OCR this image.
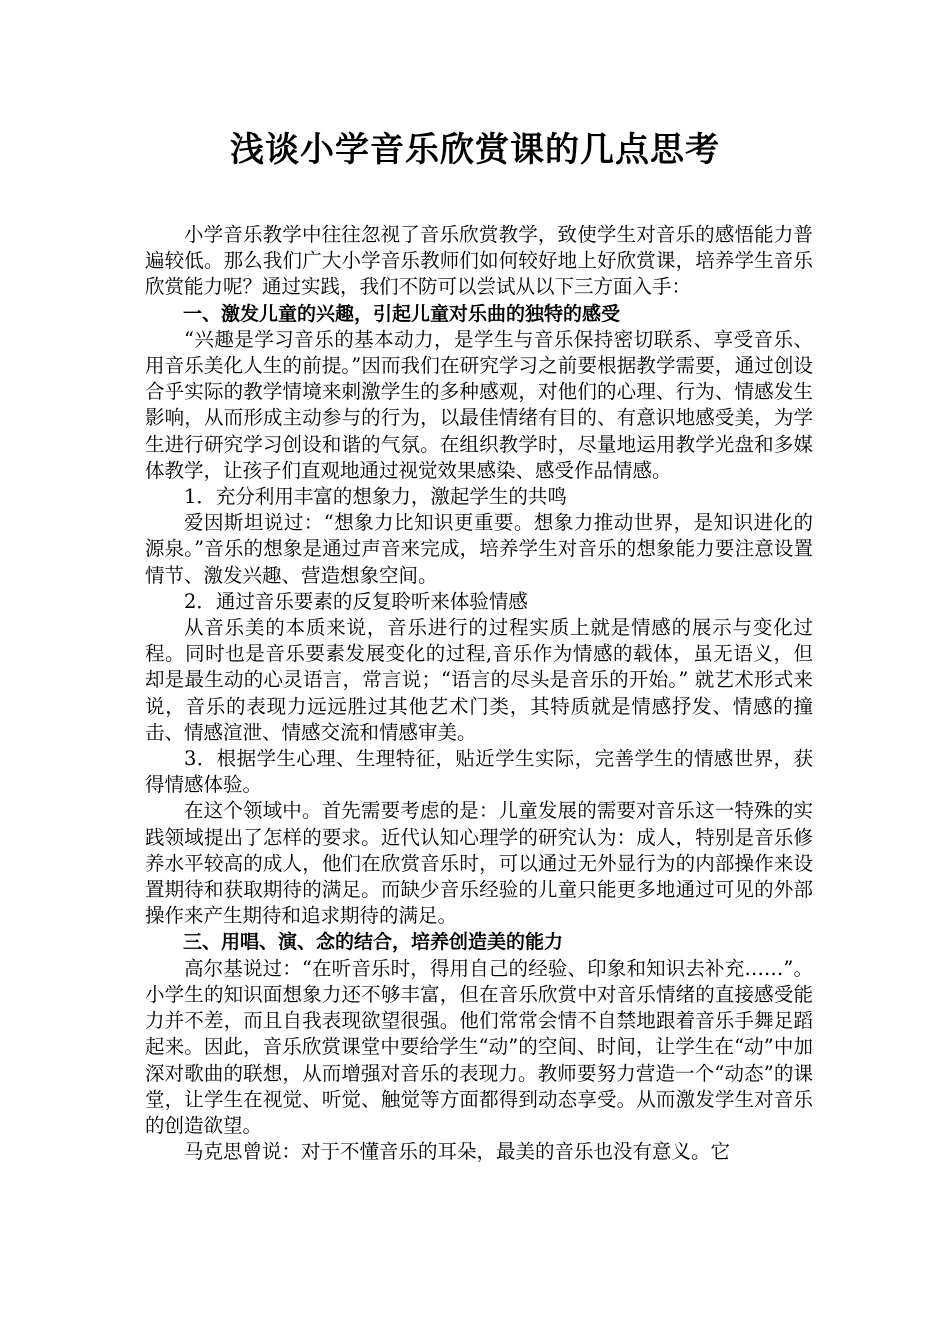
浅谈小学音乐欣赏课的几点思考

小学音乐教学中往往忽视了音乐欣赏教学，致使学生对音乐的感悟能力普遍较低。那么我们广大小学音乐教师们如何较好地上好欣赏课，培养学生音乐欣赏能力呢？通过实践，我们不防可以尝试从以下三方面入手：

一、激发儿童的兴趣，引起儿童对乐曲的独特的感受

“兴趣是学习音乐的基本动力，是学生与音乐保持密切联系、享受音乐、用音乐美化人生的前提。”因而我们在研究学习之前要根据教学需要，通过创设合乎实际的教学情境来刺激学生的多种感观，对他们的心理、行为、情感发生影响，从而形成主动参与的行为，以最佳情绪有目的、有意识地感受美，为学生进行研究学习创设和谐的气氛。在组织教学时，尽量地运用教学光盘和多媒体教学，让孩子们直观地通过视觉效果感染、感受作品情感。

1．充分利用丰富的想象力，激起学生的共鸣

爱因斯坦说过：“想象力比知识更重要。想象力推动世界，是知识进化的源泉。”音乐的想象是通过声音来完成，培养学生对音乐的想象能力要注意设置情节、激发兴趣、营造想象空间。

2．通过音乐要素的反复聆听来体验情感

从音乐美的本质来说，音乐进行的过程实质上就是情感的展示与变化过程。同时也是音乐要素发展变化的过程,音乐作为情感的载体，虽无语义，但却是最生动的心灵语言，常言说；“语言的尽头是音乐的开始。” 就艺术形式来说，音乐的表现力远远胜过其他艺术门类，其特质就是情感抒发、情感的撞击、情感渲泄、情感交流和情感审美。

3．根据学生心理、生理特征，贴近学生实际，完善学生的情感世界，获得情感体验。

在这个领域中。首先需要考虑的是：儿童发展的需要对音乐这一特殊的实践领域提出了怎样的要求。近代认知心理学的研究认为：成人，特别是音乐修养水平较高的成人，他们在欣赏音乐时，可以通过无外显行为的内部操作来设置期待和获取期待的满足。而缺少音乐经验的儿童只能更多地通过可见的外部操作来产生期待和追求期待的满足。

三、用唱、演、念的结合，培养创造美的能力

高尔基说过：“在听音乐时，得用自己的经验、印象和知识去补充……”。小学生的知识面想象力还不够丰富，但在音乐欣赏中对音乐情绪的直接感受能力并不差，而且自我表现欲望很强。他们常常会情不自禁地跟着音乐手舞足蹈起来。因此，音乐欣赏课堂中要给学生“动”的空间、时间，让学生在“动”中加深对歌曲的联想，从而增强对音乐的表现力。教师要努力营造一个“动态”的课堂，让学生在视觉、听觉、触觉等方面都得到动态享受。从而激发学生对音乐的创造欲望。

马克思曾说：对于不懂音乐的耳朵，最美的音乐也没有意义。它
